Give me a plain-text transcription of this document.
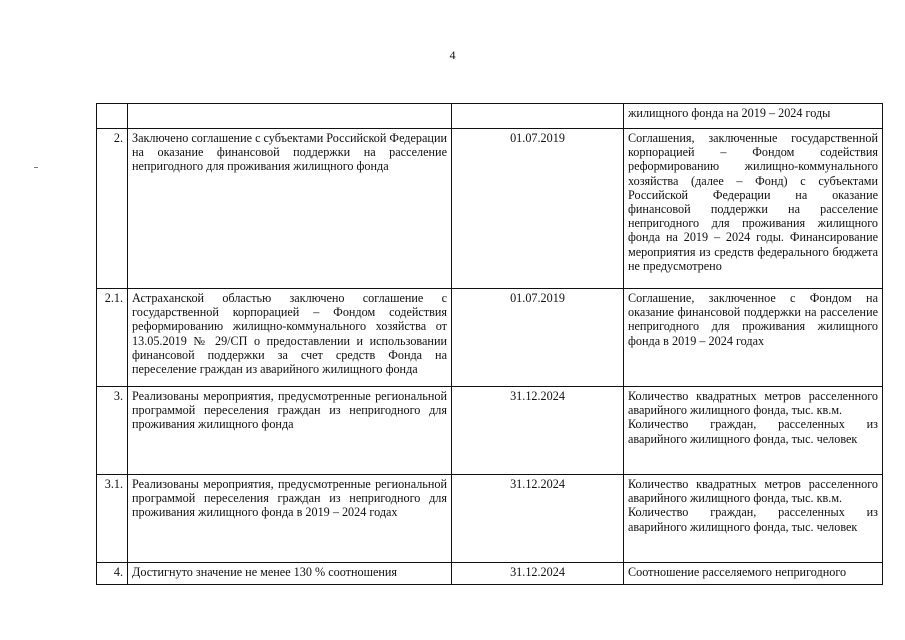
4

			жилищного фонда на 2019 – 2024 годы

2.	Заключено соглашение с субъектами Российской Федерации на оказание финансовой поддержки на расселение непригодного для проживания жилищного фонда	01.07.2019	Соглашения, заключенные государственной корпорацией – Фондом содействия реформированию жилищно-коммунального хозяйства (далее – Фонд) с субъектами Российской Федерации на оказание финансовой поддержки на расселение непригодного для проживания жилищного фонда на 2019 – 2024 годы. Финансирование мероприятия из средств федерального бюджета не предусмотрено
2.1.	Астраханской областью заключено соглашение с государственной корпорацией – Фондом содействия реформированию жилищно-коммунального хозяйства от 13.05.2019 № 29/СП о предоставлении и использовании финансовой поддержки за счет средств Фонда на переселение граждан из аварийного жилищного фонда	01.07.2019	Соглашение, заключенное с Фондом на оказание финансовой поддержки на расселение непригодного для проживания жилищного фонда в 2019 – 2024 годах
3.	Реализованы мероприятия, предусмотренные региональной программой переселения граждан из непригодного для проживания жилищного фонда	31.12.2024	Количество квадратных метров расселенного аварийного жилищного фонда, тыс. кв.м.
Количество граждан, расселенных из аварийного жилищного фонда, тыс. человек

3.1.	Реализованы мероприятия, предусмотренные региональной программой переселения граждан из непригодного для проживания жилищного фонда в 2019 – 2024 годах	31.12.2024	Количество квадратных метров расселенного аварийного жилищного фонда, тыс. кв.м.
Количество граждан, расселенных из аварийного жилищного фонда, тыс. человек

4.	Достигнуто значение не менее 130 % соотношения	31.12.2024	Соотношение расселяемого непригодного
